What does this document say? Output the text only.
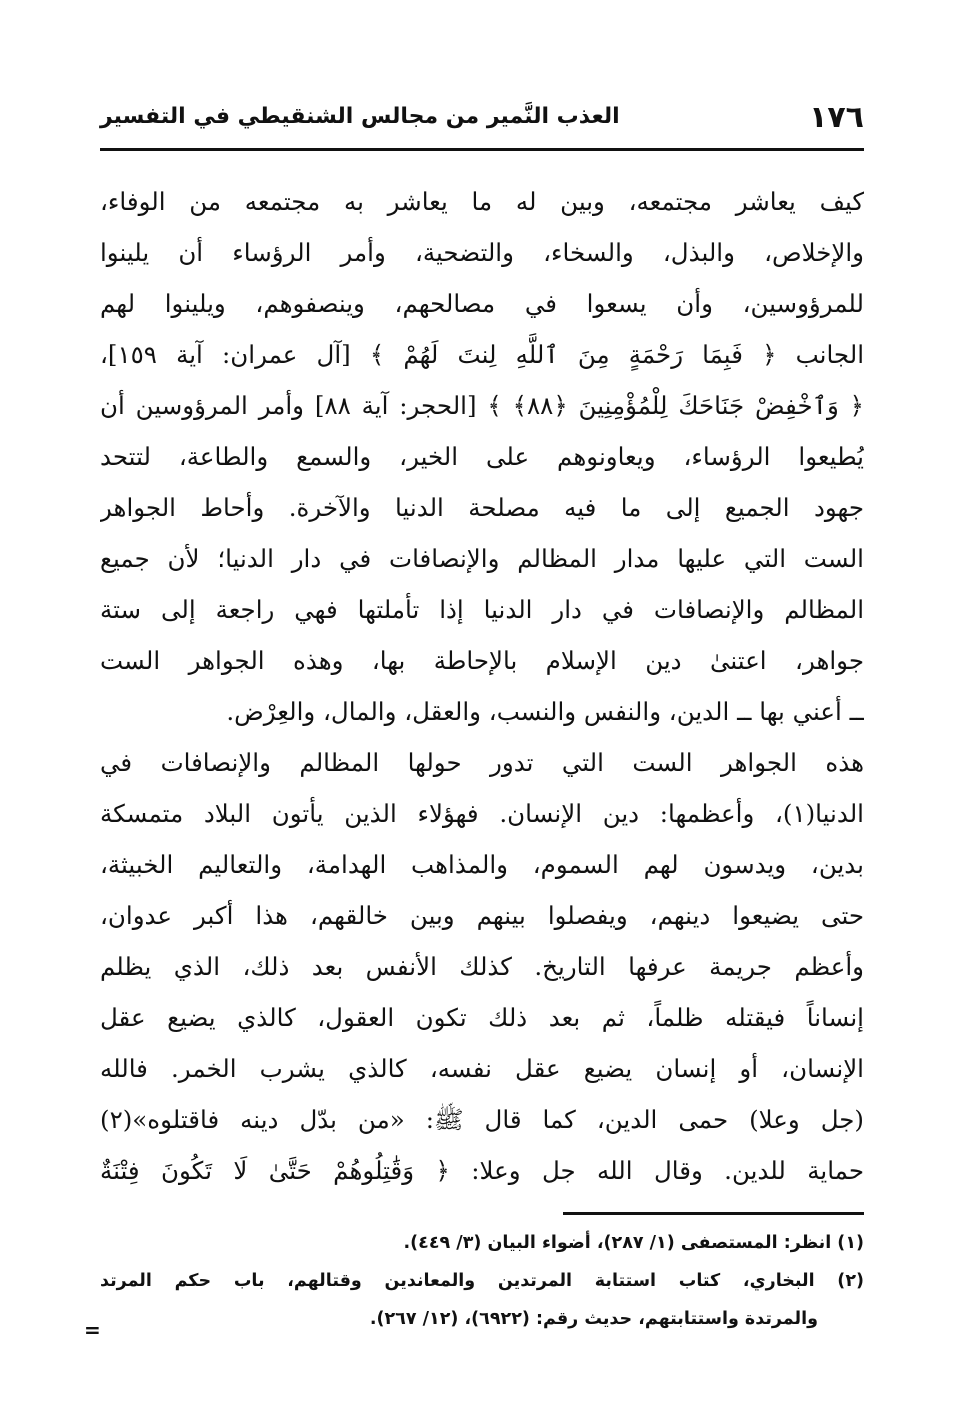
١٧٦
العذب النَّمير من مجالس الشنقيطي في التفسير
كيف يعاشر مجتمعه، وبين له ما يعاشر به مجتمعه من الوفاء،
والإخلاص، والبذل، والسخاء، والتضحية، وأمر الرؤساء أن يلينوا
للمرؤوسين، وأن يسعوا في مصالحهم، وينصفوهم، ويلينوا لهم
الجانب ﴿ فَبِمَا رَحْمَةٍ مِنَ ٱللَّهِ لِنتَ لَهُمْ ﴾ [آل عمران: آية ١٥٩]،
﴿ وَٱخْفِضْ جَنَاحَكَ لِلْمُؤْمِنِينَ ﴿٨٨﴾ ﴾ [الحجر: آية ٨٨] وأمر المرؤوسين أن
يُطيعوا الرؤساء، ويعاونوهم على الخير، والسمع والطاعة، لتتحد
جهود الجميع إلى ما فيه مصلحة الدنيا والآخرة. وأحاط الجواهر
الست التي عليها مدار المظالم والإنصافات في دار الدنيا؛ لأن جميع
المظالم والإنصافات في دار الدنيا إذا تأملتها فهي راجعة إلى ستة
جواهر، اعتنىٰ دين الإسلام بالإحاطة بها، وهذه الجواهر الست
ــ أعني بها ــ الدين، والنفس والنسب، والعقل، والمال، والعِرْض.
هذه الجواهر الست التي تدور حولها المظالم والإنصافات في
الدنيا(١)، وأعظمها: دين الإنسان. فهؤلاء الذين يأتون البلاد متمسكة
بدين، ويدسون لهم السموم، والمذاهب الهدامة، والتعاليم الخبيثة،
حتى يضيعوا دينهم، ويفصلوا بينهم وبين خالقهم، هذا أكبر عدوان،
وأعظم جريمة عرفها التاريخ. كذلك الأنفس بعد ذلك، الذي يظلم
إنساناً فيقتله ظلماً، ثم بعد ذلك تكون العقول، كالذي يضيع عقل
الإنسان، أو إنسان يضيع عقل نفسه، كالذي يشرب الخمر. فالله
(جل وعلا) حمى الدين، كما قال ﷺ: «من بدّل دينه فاقتلوه»(٢)
حماية للدين. وقال الله جل وعلا: ﴿ وَقَٰتِلُوهُمْ حَتَّىٰ لَا تَكُونَ فِتْنَةٌ
(١) انظر: المستصفى (١/ ٢٨٧)، أضواء البيان (٣/ ٤٤٩).
(٢) البخاري، كتاب استتابة المرتدين والمعاندين وقتالهم، باب حكم المرتد
والمرتدة واستتابتهم، حديث رقم: (٦٩٢٢)، (١٢/ ٢٦٧).
=
